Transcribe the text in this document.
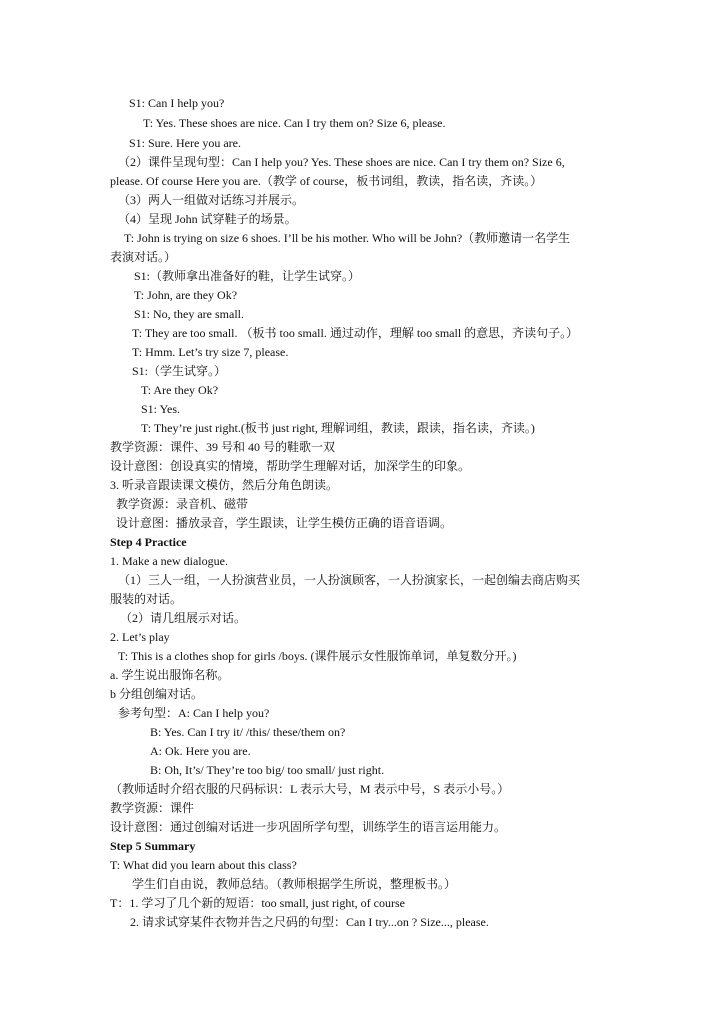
S1: Can I help you?
T: Yes. These shoes are nice. Can I try them on? Size 6, please.
S1: Sure. Here you are.
（2）课件呈现句型：Can I help you? Yes. These shoes are nice. Can I try them on? Size 6,
please. Of course Here you are.（教学 of course，板书词组，教读，指名读，齐读。）
（3）两人一组做对话练习并展示。
（4）呈现 John 试穿鞋子的场景。
T: John is trying on size 6 shoes. I’ll be his mother. Who will be John?（教师邀请一名学生
表演对话。）
S1:（教师拿出准备好的鞋，让学生试穿。）
T: John, are they Ok?
S1: No, they are small.
T: They are too small. （板书 too small. 通过动作，理解 too small 的意思，齐读句子。）
T: Hmm. Let’s try size 7, please.
S1:（学生试穿。）
T: Are they Ok?
S1: Yes.
T: They’re just right.(板书 just right, 理解词组，教读，跟读，指名读，齐读。)
教学资源：课件、39 号和 40 号的鞋歌一双
设计意图：创设真实的情境，帮助学生理解对话，加深学生的印象。
3. 听录音跟读课文模仿，然后分角色朗读。
教学资源：录音机、磁带
设计意图：播放录音，学生跟读，让学生模仿正确的语音语调。
Step 4 Practice
1. Make a new dialogue.
（1）三人一组，一人扮演营业员，一人扮演顾客，一人扮演家长，一起创编去商店购买
服装的对话。
（2）请几组展示对话。
2. Let’s play
T: This is a clothes shop for girls /boys. (课件展示女性服饰单词，单复数分开。)
a. 学生说出服饰名称。
b 分组创编对话。
参考句型：A: Can I help you?
B: Yes. Can I try it/ /this/ these/them on?
A: Ok. Here you are.
B: Oh, It’s/ They’re too big/ too small/ just right.
（教师适时介绍衣服的尺码标识：L 表示大号，M 表示中号，S 表示小号。）
教学资源：课件
设计意图：通过创编对话进一步巩固所学句型，训练学生的语言运用能力。
Step 5 Summary
T: What did you learn about this class?
学生们自由说，教师总结。（教师根据学生所说，整理板书。）
T：1. 学习了几个新的短语：too small, just right, of course
2. 请求试穿某件衣物并告之尺码的句型：Can I try...on ? Size..., please.
